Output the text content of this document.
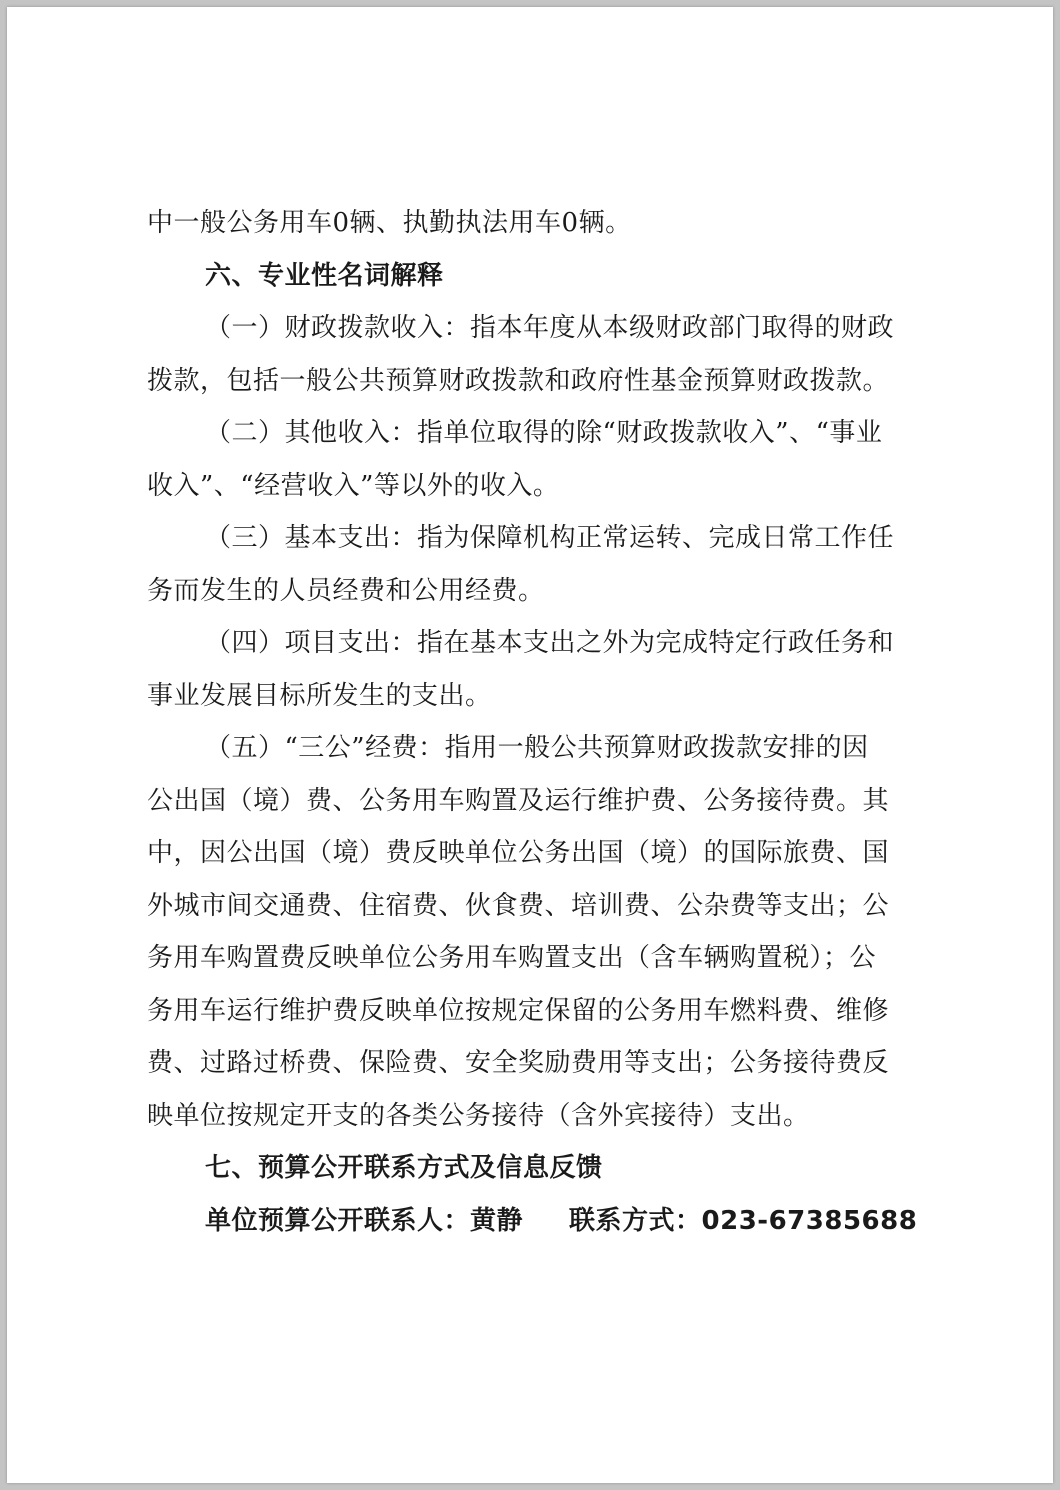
中一般公务用车0辆、执勤执法用车0辆。
六、专业性名词解释
（一）财政拨款收入：指本年度从本级财政部门取得的财政
拨款，包括一般公共预算财政拨款和政府性基金预算财政拨款。
（二）其他收入：指单位取得的除“财政拨款收入”、“事业
收入”、“经营收入”等以外的收入。
（三）基本支出：指为保障机构正常运转、完成日常工作任
务而发生的人员经费和公用经费。
（四）项目支出：指在基本支出之外为完成特定行政任务和
事业发展目标所发生的支出。
（五）“三公”经费：指用一般公共预算财政拨款安排的因
公出国（境）费、公务用车购置及运行维护费、公务接待费。其
中，因公出国（境）费反映单位公务出国（境）的国际旅费、国
外城市间交通费、住宿费、伙食费、培训费、公杂费等支出；公
务用车购置费反映单位公务用车购置支出（含车辆购置税）；公
务用车运行维护费反映单位按规定保留的公务用车燃料费、维修
费、过路过桥费、保险费、安全奖励费用等支出；公务接待费反
映单位按规定开支的各类公务接待（含外宾接待）支出。
七、预算公开联系方式及信息反馈
单位预算公开联系人：黄静 联系方式：023-67385688
